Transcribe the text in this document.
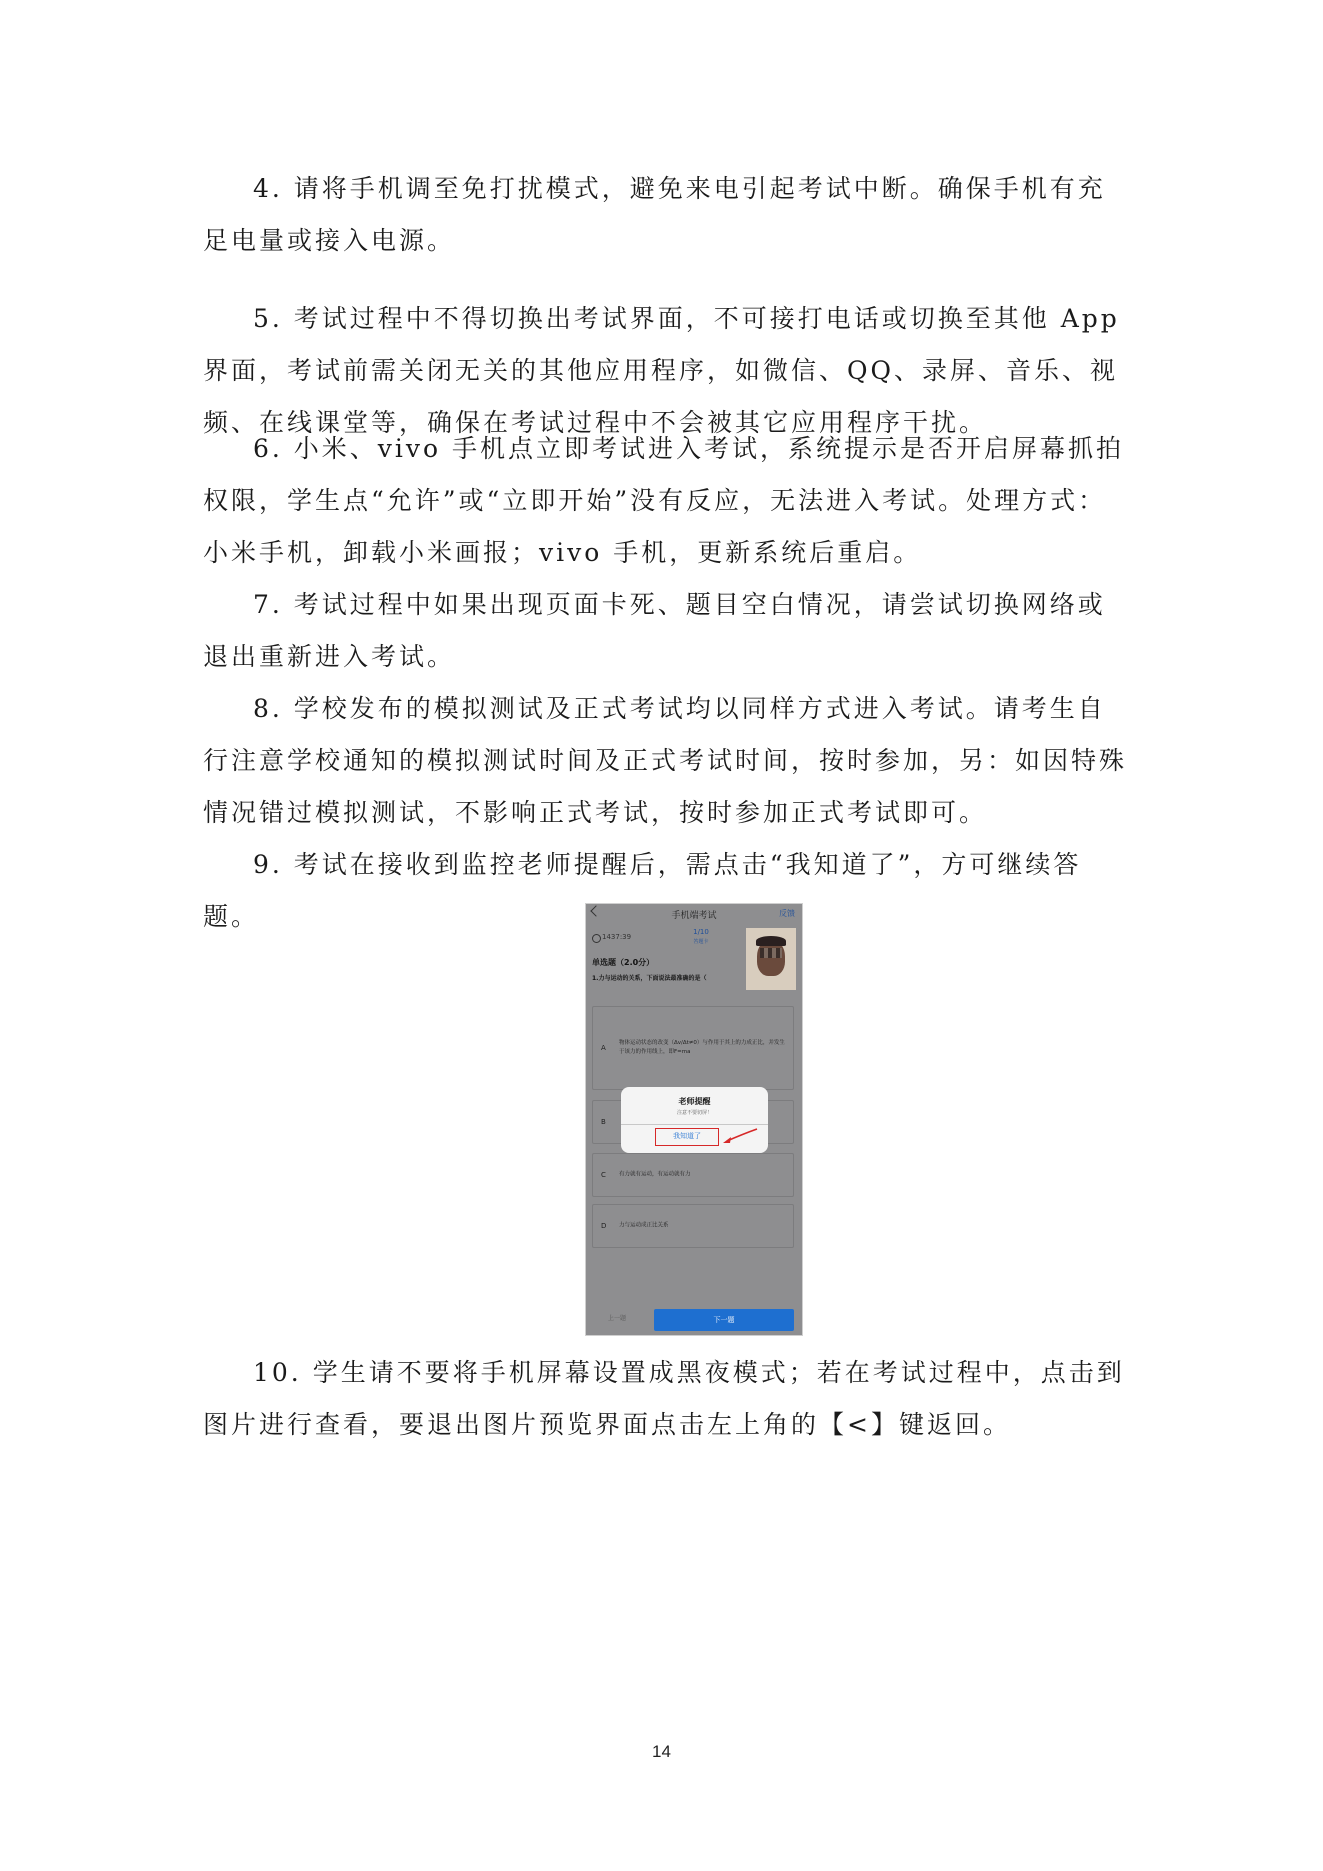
4. 请将手机调至免打扰模式，避免来电引起考试中断。确保手机有充足电量或接入电源。

5. 考试过程中不得切换出考试界面，不可接打电话或切换至其他 App 界面，考试前需关闭无关的其他应用程序，如微信、QQ、录屏、音乐、视频、在线课堂等，确保在考试过程中不会被其它应用程序干扰。

6. 小米、vivo 手机点立即考试进入考试，系统提示是否开启屏幕抓拍权限，学生点“允许”或“立即开始”没有反应，无法进入考试。处理方式：小米手机，卸载小米画报；vivo 手机，更新系统后重启。

7. 考试过程中如果出现页面卡死、题目空白情况，请尝试切换网络或退出重新进入考试。

8. 学校发布的模拟测试及正式考试均以同样方式进入考试。请考生自行注意学校通知的模拟测试时间及正式考试时间，按时参加，另：如因特殊情况错过模拟测试，不影响正式考试，按时参加正式考试即可。

9. 考试在接收到监控老师提醒后，需点击“我知道了”，方可继续答题。	手机端考试	反馈
1437:39
1/10
答题卡
单选题（2.0分）
1.力与运动的关系，下面说法最准确的是（
A
物体运动状态的改变（Δv/Δt≠0）与作用于其上的力成正比，并发生于该力的作用线上，即F=ma
B
C 有力就有运动，有运动就有力
D 力与运动成正比关系
上一题	下一题
老师提醒
注意不要切屏！
我知道了

10. 学生请不要将手机屏幕设置成黑夜模式；若在考试过程中，点击到图片进行查看，要退出图片预览界面点击左上角的【<】键返回。

14
